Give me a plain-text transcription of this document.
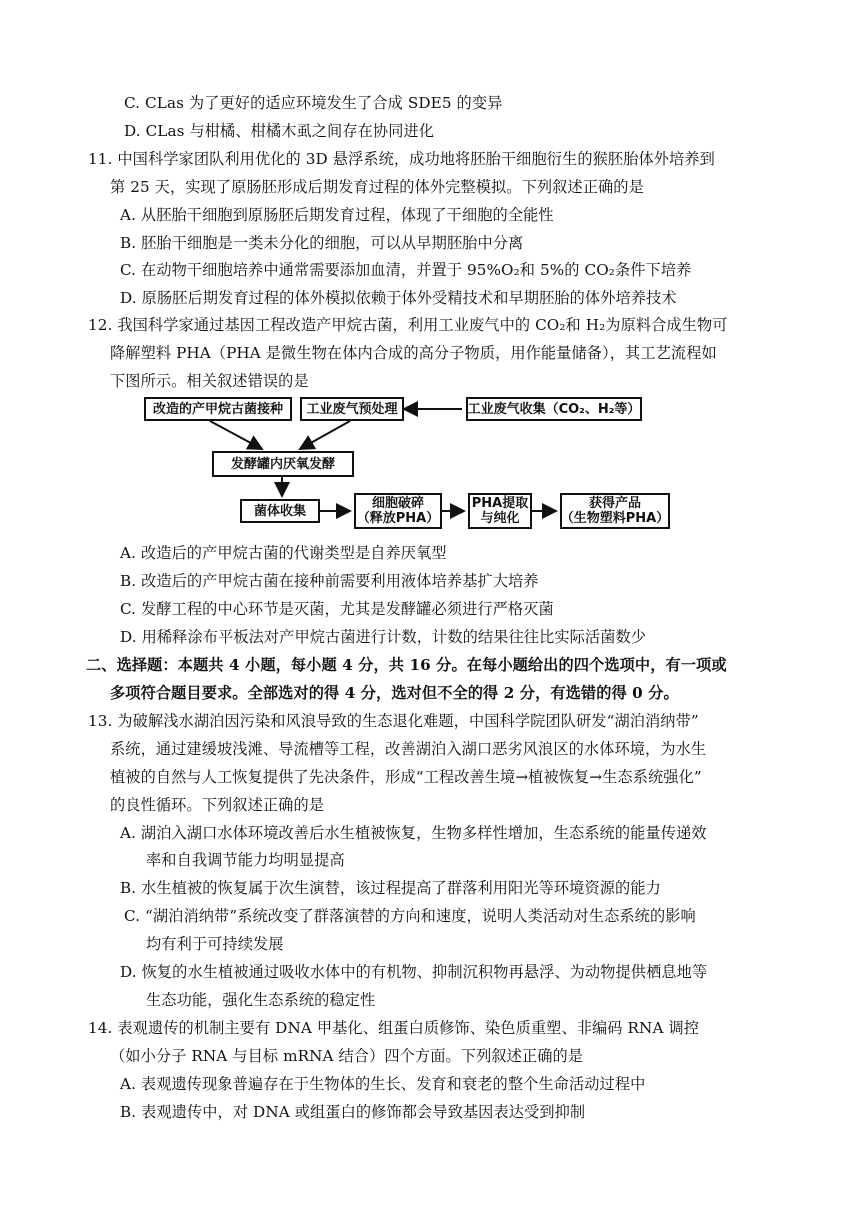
C. CLas 为了更好的适应环境发生了合成 SDE5 的变异
D. CLas 与柑橘、柑橘木虱之间存在协同进化
11. 中国科学家团队利用优化的 3D 悬浮系统，成功地将胚胎干细胞衍生的猴胚胎体外培养到
第 25 天，实现了原肠胚形成后期发育过程的体外完整模拟。下列叙述正确的是
A. 从胚胎干细胞到原肠胚后期发育过程，体现了干细胞的全能性
B. 胚胎干细胞是一类未分化的细胞，可以从早期胚胎中分离
C. 在动物干细胞培养中通常需要添加血清，并置于 95%O₂和 5%的 CO₂条件下培养
D. 原肠胚后期发育过程的体外模拟依赖于体外受精技术和早期胚胎的体外培养技术
12. 我国科学家通过基因工程改造产甲烷古菌，利用工业废气中的 CO₂和 H₂为原料合成生物可
降解塑料 PHA（PHA 是微生物在体内合成的高分子物质，用作能量储备），其工艺流程如
下图所示。相关叙述错误的是
改造的产甲烷古菌接种 工业废气预处理	工业废气收集（CO₂、H₂等）
发酵罐内厌氧发酵
菌体收集	细胞破碎
（释放PHA）
PHA提取
与纯化
获得产品
（生物塑料PHA）
A. 改造后的产甲烷古菌的代谢类型是自养厌氧型
B. 改造后的产甲烷古菌在接种前需要利用液体培养基扩大培养
C. 发酵工程的中心环节是灭菌，尤其是发酵罐必须进行严格灭菌
D. 用稀释涂布平板法对产甲烷古菌进行计数，计数的结果往往比实际活菌数少
二、选择题：本题共 4 小题，每小题 4 分，共 16 分。在每小题给出的四个选项中，有一项或
多项符合题目要求。全部选对的得 4 分，选对但不全的得 2 分，有选错的得 0 分。
13. 为破解浅水湖泊因污染和风浪导致的生态退化难题，中国科学院团队研发“湖泊消纳带”
系统，通过建缓坡浅滩、导流槽等工程，改善湖泊入湖口恶劣风浪区的水体环境，为水生
植被的自然与人工恢复提供了先决条件，形成“工程改善生境→植被恢复→生态系统强化”
的良性循环。下列叙述正确的是
A. 湖泊入湖口水体环境改善后水生植被恢复，生物多样性增加，生态系统的能量传递效
率和自我调节能力均明显提高
B. 水生植被的恢复属于次生演替，该过程提高了群落利用阳光等环境资源的能力
C. “湖泊消纳带”系统改变了群落演替的方向和速度，说明人类活动对生态系统的影响
均有利于可持续发展
D. 恢复的水生植被通过吸收水体中的有机物、抑制沉积物再悬浮、为动物提供栖息地等
生态功能，强化生态系统的稳定性
14. 表观遗传的机制主要有 DNA 甲基化、组蛋白质修饰、染色质重塑、非编码 RNA 调控
（如小分子 RNA 与目标 mRNA 结合）四个方面。下列叙述正确的是
A. 表观遗传现象普遍存在于生物体的生长、发育和衰老的整个生命活动过程中
B. 表观遗传中，对 DNA 或组蛋白的修饰都会导致基因表达受到抑制
